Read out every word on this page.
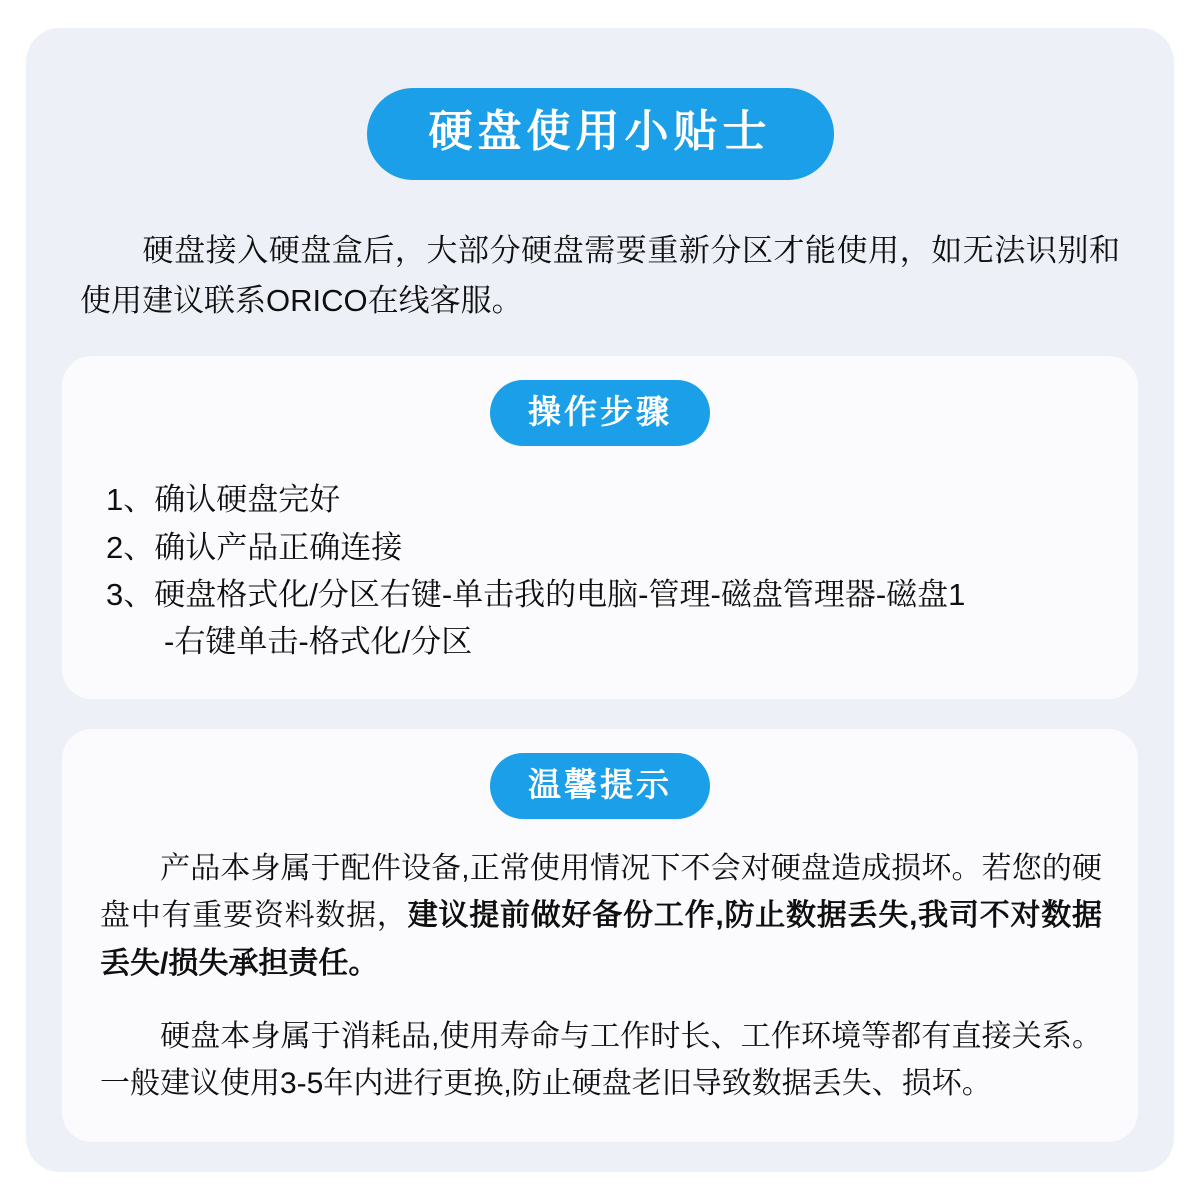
硬盘使用小贴士
硬盘接入硬盘盒后，大部分硬盘需要重新分区才能使用，如无法识别和使用建议联系ORICO在线客服。
操作步骤
1、确认硬盘完好
2、确认产品正确连接
3、硬盘格式化/分区右键-单击我的电脑-管理-磁盘管理器-磁盘1
-右键单击-格式化/分区
温馨提示

产品本身属于配件设备,正常使用情况下不会对硬盘造成损坏。若您的硬盘中有重要资料数据，建议提前做好备份工作,防止数据丢失,我司不对数据丢失/损失承担责任。

硬盘本身属于消耗品,使用寿命与工作时长、工作环境等都有直接关系。一般建议使用3-5年内进行更换,防止硬盘老旧导致数据丢失、损坏。
